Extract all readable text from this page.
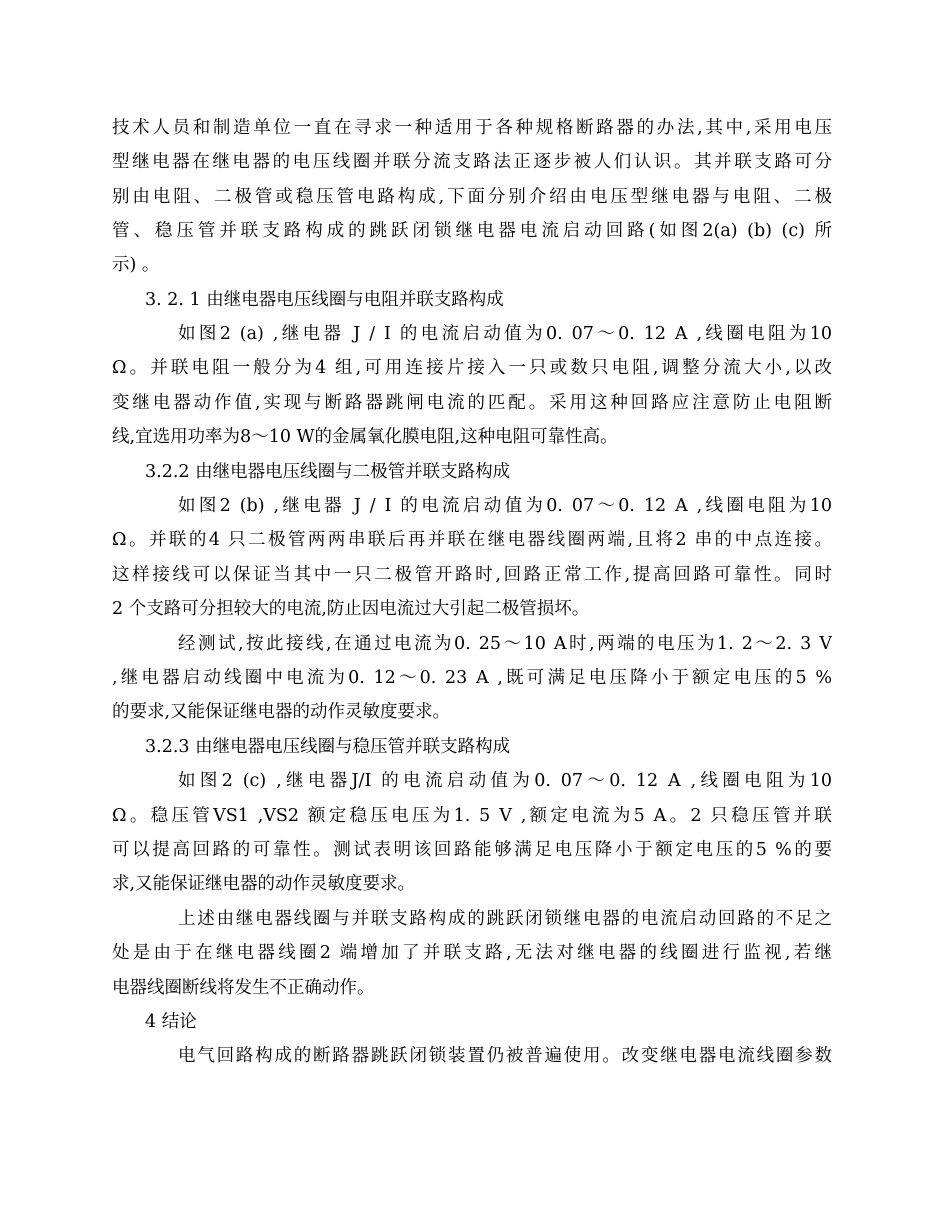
技术人员和制造单位一直在寻求一种适用于各种规格断路器的办法,其中,采用电压
型继电器在继电器的电压线圈并联分流支路法正逐步被人们认识。其并联支路可分
别由电阻、二极管或稳压管电路构成,下面分别介绍由电压型继电器与电阻、二极
管、稳压管并联支路构成的跳跃闭锁继电器电流启动回路(如图2(a) (b) (c) 所
示) 。
3. 2. 1 由继电器电压线圈与电阻并联支路构成
如图2 (a) ,继电器 J / I 的电流启动值为0. 07～0. 12 A ,线圈电阻为10
Ω。并联电阻一般分为4 组,可用连接片接入一只或数只电阻,调整分流大小,以改
变继电器动作值,实现与断路器跳闸电流的匹配。采用这种回路应注意防止电阻断
线,宜选用功率为8～10 W的金属氧化膜电阻,这种电阻可靠性高。
3.2.2 由继电器电压线圈与二极管并联支路构成
如图2 (b) ,继电器 J / I 的电流启动值为0. 07～0. 12 A ,线圈电阻为10
Ω。并联的4 只二极管两两串联后再并联在继电器线圈两端,且将2 串的中点连接。
这样接线可以保证当其中一只二极管开路时,回路正常工作,提高回路可靠性。同时
2 个支路可分担较大的电流,防止因电流过大引起二极管损坏。
经测试,按此接线,在通过电流为0. 25～10 A时,两端的电压为1. 2～2. 3 V
,继电器启动线圈中电流为0. 12～0. 23 A ,既可满足电压降小于额定电压的5 %
的要求,又能保证继电器的动作灵敏度要求。
3.2.3 由继电器电压线圈与稳压管并联支路构成
如图2 (c) ,继电器J/I 的电流启动值为0. 07～0. 12 A ,线圈电阻为10
Ω。稳压管VS1 ,VS2 额定稳压电压为1. 5 V ,额定电流为5 A。2 只稳压管并联
可以提高回路的可靠性。测试表明该回路能够满足电压降小于额定电压的5 %的要
求,又能保证继电器的动作灵敏度要求。
上述由继电器线圈与并联支路构成的跳跃闭锁继电器的电流启动回路的不足之
处是由于在继电器线圈2 端增加了并联支路,无法对继电器的线圈进行监视,若继
电器线圈断线将发生不正确动作。
4 结论
电气回路构成的断路器跳跃闭锁装置仍被普遍使用。改变继电器电流线圈参数
